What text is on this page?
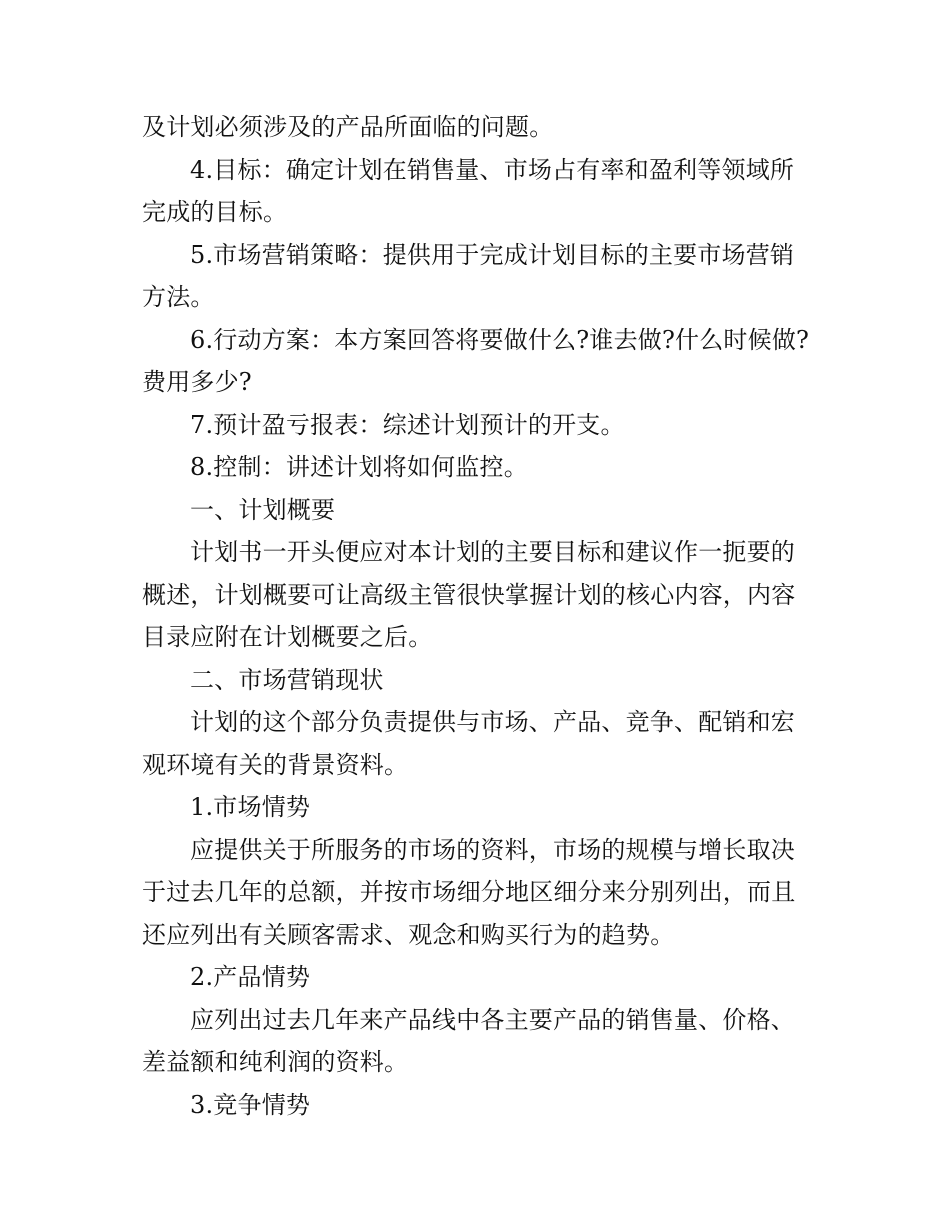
及计划必须涉及的产品所面临的问题。

4.目标：确定计划在销售量、市场占有率和盈利等领域所完成的目标。

5.市场营销策略：提供用于完成计划目标的主要市场营销方法。

6.行动方案：本方案回答将要做什么?谁去做?什么时候做?费用多少?

7.预计盈亏报表：综述计划预计的开支。

8.控制：讲述计划将如何监控。

一、计划概要

计划书一开头便应对本计划的主要目标和建议作一扼要的概述，计划概要可让高级主管很快掌握计划的核心内容，内容目录应附在计划概要之后。

二、市场营销现状

计划的这个部分负责提供与市场、产品、竞争、配销和宏观环境有关的背景资料。

1.市场情势

应提供关于所服务的市场的资料，市场的规模与增长取决于过去几年的总额，并按市场细分地区细分来分别列出，而且还应列出有关顾客需求、观念和购买行为的趋势。

2.产品情势

应列出过去几年来产品线中各主要产品的销售量、价格、差益额和纯利润的资料。

3.竞争情势
